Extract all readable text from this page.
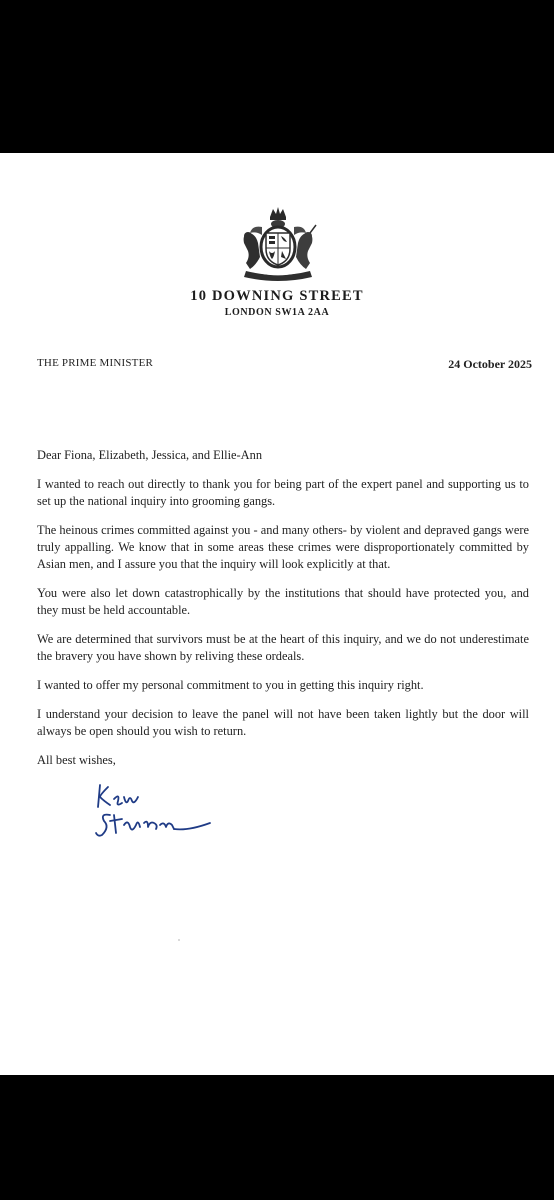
10 DOWNING STREET
LONDON SW1A 2AA
THE PRIME MINISTER	24 October 2025

Dear Fiona, Elizabeth, Jessica, and Ellie-Ann

I wanted to reach out directly to thank you for being part of the expert panel and supporting us to set up the national inquiry into grooming gangs.

The heinous crimes committed against you - and many others- by violent and depraved gangs were truly appalling. We know that in some areas these crimes were disproportionately committed by Asian men, and I assure you that the inquiry will look explicitly at that.

You were also let down catastrophically by the institutions that should have protected you, and they must be held accountable.

We are determined that survivors must be at the heart of this inquiry, and we do not underestimate the bravery you have shown by reliving these ordeals.

I wanted to offer my personal commitment to you in getting this inquiry right.

I understand your decision to leave the panel will not have been taken lightly but the door will always be open should you wish to return.

All best wishes,
